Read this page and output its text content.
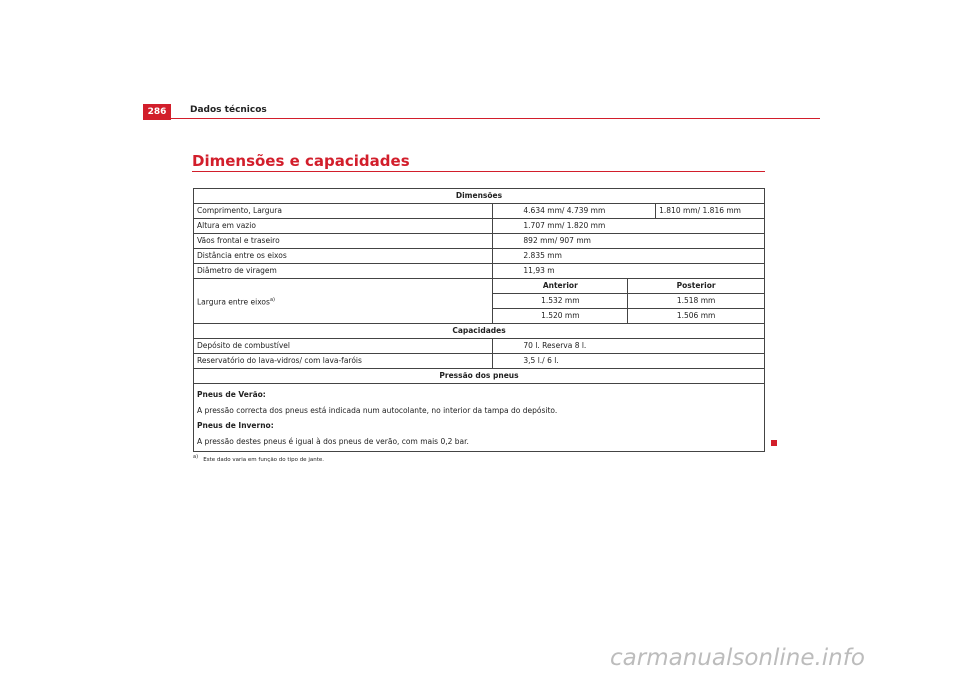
286	Dados técnicos
Dimensões e capacidades
Dimensões			
Comprimento, Largura	4.634 mm/ 4.739 mm		1.810 mm/ 1.816 mm
Altura em vazio	1.707 mm/ 1.820 mm		
Vãos frontal e traseiro	892 mm/ 907 mm		
Distância entre os eixos	2.835 mm		
Diâmetro de viragem	11,93 m		
Largura entre eixos$^{a)}$	Anterior	Posterior	
	1.532 mm	1.518 mm	
	1.520 mm	1.506 mm	
Capacidades			
Depósito de combustível	70 l. Reserva 8 l.		
Reservatório do lava-vidros/ com lava-faróis	3,5 l./ 6 l.		
Pressão dos pneus			
Pneus de Verão:
A pressão correcta dos pneus está indicada num autocolante, no interior da tampa do depósito.
Pneus de Inverno:
A pressão destes pneus é igual à dos pneus de verão, com mais 0,2 bar.			
$^{a)}$ Este dado varia em função do tipo de jante.
carmanualsonline.info
